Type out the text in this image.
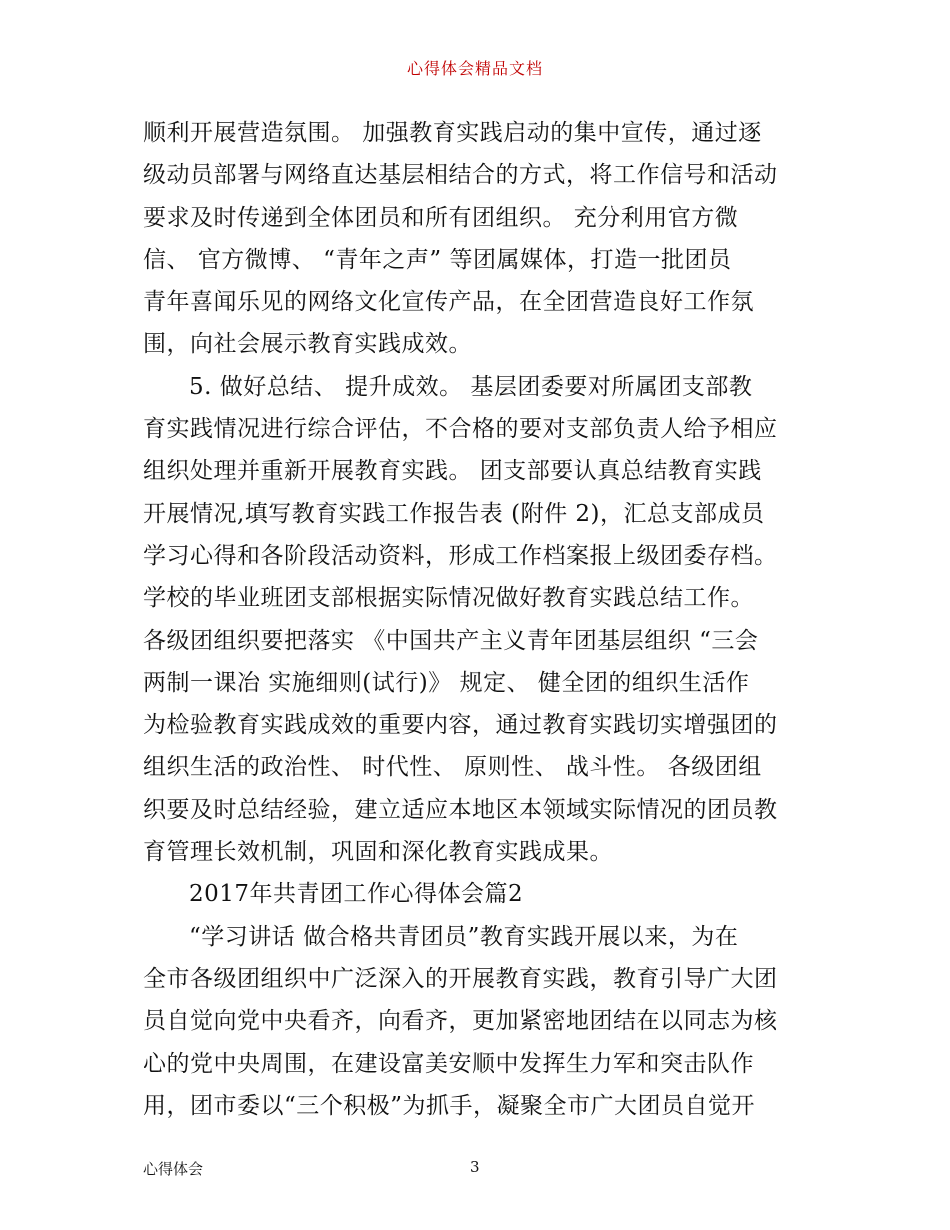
心得体会精品文档
顺利开展营造氛围。 加强教育实践启动的集中宣传，通过逐
级动员部署与网络直达基层相结合的方式，将工作信号和活动
要求及时传递到全体团员和所有团组织。 充分利用官方微
信、 官方微博、 “青年之声” 等团属媒体，打造一批团员
青年喜闻乐见的网络文化宣传产品，在全团营造良好工作氛
围，向社会展示教育实践成效。
5. 做好总结、 提升成效。 基层团委要对所属团支部教
育实践情况进行综合评估，不合格的要对支部负责人给予相应
组织处理并重新开展教育实践。 团支部要认真总结教育实践
开展情况,填写教育实践工作报告表 (附件 2)，汇总支部成员
学习心得和各阶段活动资料，形成工作档案报上级团委存档。
学校的毕业班团支部根据实际情况做好教育实践总结工作。
各级团组织要把落实 《中国共产主义青年团基层组织 “三会
两制一课冶 实施细则(试行)》 规定、 健全团的组织生活作
为检验教育实践成效的重要内容，通过教育实践切实增强团的
组织生活的政治性、 时代性、 原则性、 战斗性。 各级团组
织要及时总结经验，建立适应本地区本领域实际情况的团员教
育管理长效机制，巩固和深化教育实践成果。
2017年共青团工作心得体会篇2
“学习讲话 做合格共青团员”教育实践开展以来，为在
全市各级团组织中广泛深入的开展教育实践，教育引导广大团
员自觉向党中央看齐，向看齐，更加紧密地团结在以同志为核
心的党中央周围，在建设富美安顺中发挥生力军和突击队作
用，团市委以“三个积极”为抓手，凝聚全市广大团员自觉开
心得体会	3
